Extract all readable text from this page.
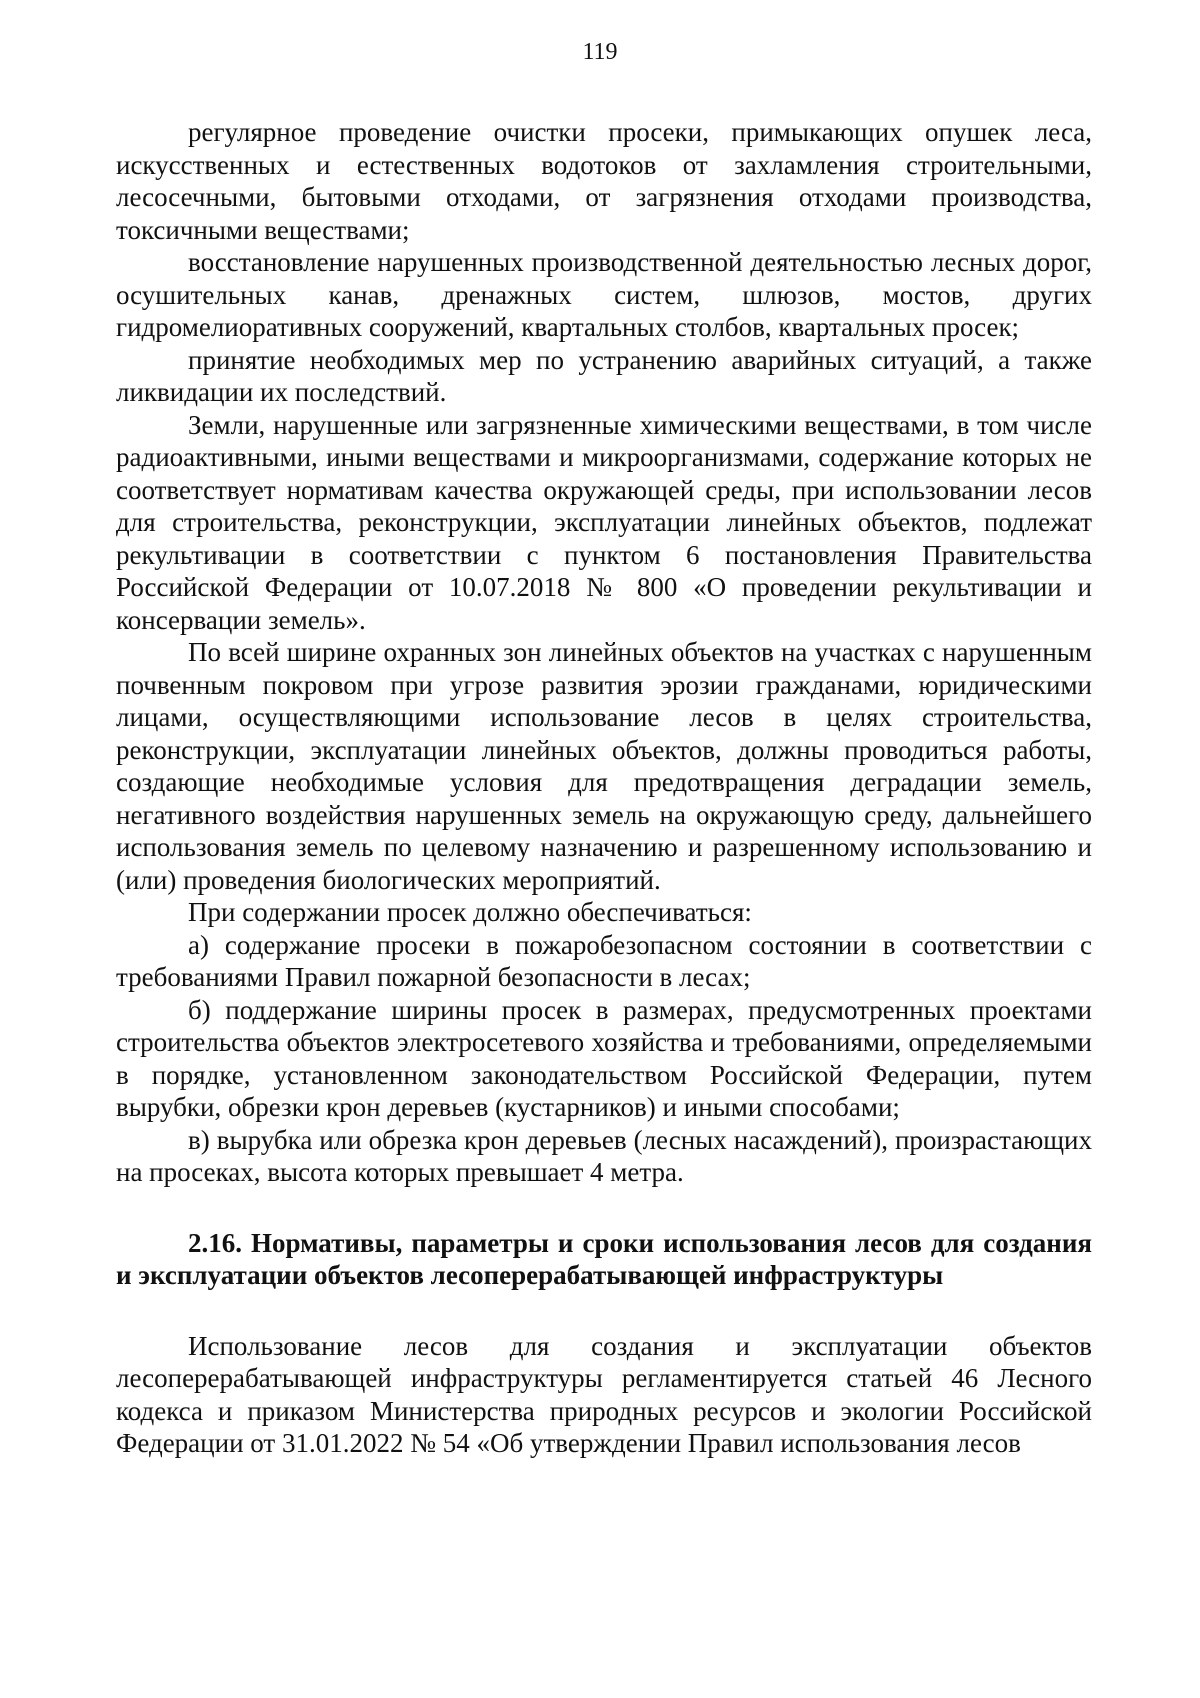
119

регулярное проведение очистки просеки, примыкающих опушек леса, искусственных и естественных водотоков от захламления строительными, лесосечными, бытовыми отходами, от загрязнения отходами производства, токсичными веществами;

восстановление нарушенных производственной деятельностью лесных дорог, осушительных канав, дренажных систем, шлюзов, мостов, других гидромелиоративных сооружений, квартальных столбов, квартальных просек;

принятие необходимых мер по устранению аварийных ситуаций, а также ликвидации их последствий.

Земли, нарушенные или загрязненные химическими веществами, в том числе радиоактивными, иными веществами и микроорганизмами, содержание которых не соответствует нормативам качества окружающей среды, при использовании лесов для строительства, реконструкции, эксплуатации линейных объектов, подлежат рекультивации в соответствии с пунктом 6 постановления Правительства Российской Федерации от 10.07.2018 № 800 «О проведении рекультивации и консервации земель».

По всей ширине охранных зон линейных объектов на участках с нарушенным почвенным покровом при угрозе развития эрозии гражданами, юридическими лицами, осуществляющими использование лесов в целях строительства, реконструкции, эксплуатации линейных объектов, должны проводиться работы, создающие необходимые условия для предотвращения деградации земель, негативного воздействия нарушенных земель на окружающую среду, дальнейшего использования земель по целевому назначению и разрешенному использованию и (или) проведения биологических мероприятий.

При содержании просек должно обеспечиваться:

а) содержание просеки в пожаробезопасном состоянии в соответствии с требованиями Правил пожарной безопасности в лесах;

б) поддержание ширины просек в размерах, предусмотренных проектами строительства объектов электросетевого хозяйства и требованиями, определяемыми в порядке, установленном законодательством Российской Федерации, путем вырубки, обрезки крон деревьев (кустарников) и иными способами;

в) вырубка или обрезка крон деревьев (лесных насаждений), произрастающих на просеках, высота которых превышает 4 метра.

2.16. Нормативы, параметры и сроки использования лесов для создания и эксплуатации объектов лесоперерабатывающей инфраструктуры

Использование лесов для создания и эксплуатации объектов лесоперерабатывающей инфраструктуры регламентируется статьей 46 Лесного кодекса и приказом Министерства природных ресурсов и экологии Российской Федерации от 31.01.2022 № 54 «Об утверждении Правил использования лесов
